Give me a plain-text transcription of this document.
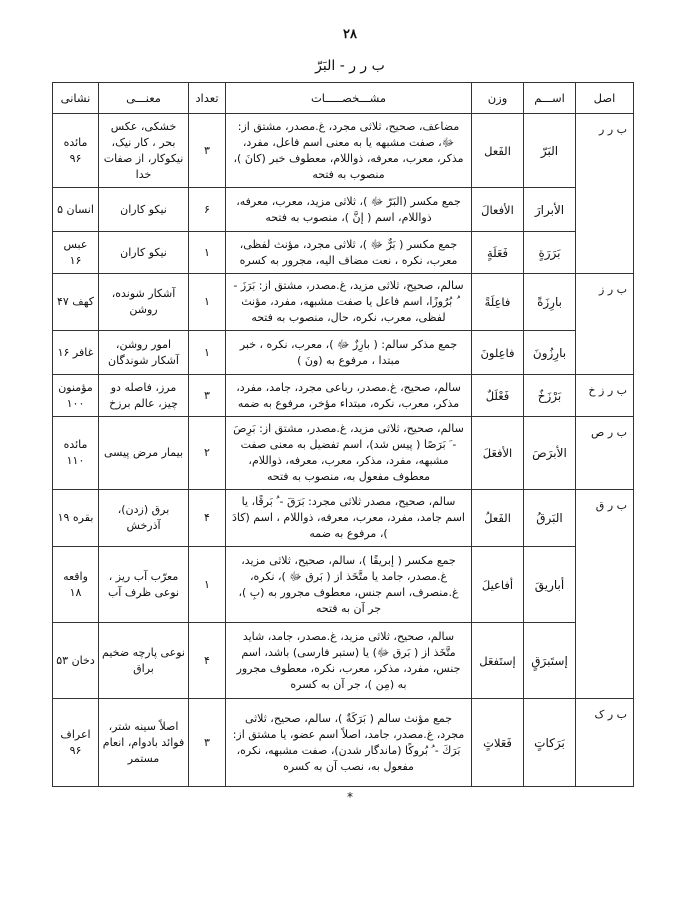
۲۸
ب ر ر - البَرّ
اصل	اســـم	وزن	مشـــخصـــــات	تعداد	معنـــی	نشانی
ب ر ر	البَرّ	الفَعل	مضاعف، صحیح، ثلاثی مجرد، غ.مصدر، مشتق از: ﷻ، صفت مشبهه یا به معنی اسم فاعل، مفرد، مذکر، معرب، معرفه، ذواللام، معطوف خبر (کانَ )، منصوب به فتحه	۳	خشکی، عکس بحر ، کار نیک، نیکوکار، از صفات خدا	مائده ۹۶
	الأبرارَ	الأفعالَ	جمع مکسر (البَرّ ﷻ )، ثلاثی مزید، معرب، معرفه، ذواللام، اسم ( إنَّ )، منصوب به فتحه	۶	نیکو کاران	انسان ۵
	بَرَرَةٍ	فَعَلَةٍ	جمع مکسر ( بَرٌّ ﷻ )، ثلاثی مجرد، مؤنث لفظی، معرب، نکره ، نعت مضاف الیه، مجرور به کسره	۱	نیکو کاران	عبس ۱۶
ب ر ز	بارِزَةً	فاعِلَةً	سالم، صحیح، ثلاثی مزید، غ.مصدر، مشتق از: بَرَزَ - ُ بُرُوزًا، اسم فاعل یا صفت مشبهه، مفرد، مؤنث لفظی، معرب، نکره، حال، منصوب به فتحه	۱	آشکار شونده، روشن	کهف ۴۷
	بارِزُونَ	فاعِلونَ	جمع مذکر سالم: ( بارِزٌ ﷻ )، معرب، نکره ، خبر مبتدا ، مرفوع به (ونَ )	۱	امور روشن، آشکار شوندگان	غافر ۱۶
ب ر ز خ	بَرْزَخٌ	فَعْلَلٌ	سالم، صحیح، غ.مصدر، رباعی مجرد، جامد، مفرد، مذکر، معرب، نکره، مبتداء مؤخر، مرفوع به ضمه	۳	مرز، فاصله دو چیز، عالم برزخ	مؤمنون ۱۰۰
ب ر ص	الأبرَصَ	الأفعَلَ	سالم، صحیح، ثلاثی مزید، غ.مصدر، مشتق از: بَرِصَ - َ بَرَصًا ( پیس شد)، اسم تفضیل به معنی صفت مشبهه، مفرد، مذکر، معرب، معرفه، ذواللام، معطوف مفعول به، منصوب به فتحه	۲	بیمار مرض پیسی	مائده ۱۱۰
ب ر ق	البَرقُ	الفَعلُ	سالم، صحیح، مصدر ثلاثی مجرد: بَرَقَ - ُ بَرقًا، یا اسم جامد، مفرد، معرب، معرفه، ذواللام ، اسم (کادَ )، مرفوع به ضمه	۴	برق (زدن)، آذرخش	بقره ۱۹
	أباريقَ	أفاعيلَ	جمع مکسر ( إبريقًا )، سالم، صحیح، ثلاثی مزید، غ.مصدر، جامد یا متَّخَذ از ( بَرق ﷻ )، نکره، غ.منصرف، اسم جنس، معطوف مجرور به (بِ )، جر آن به فتحه	۱	معرّب آب ریز ، نوعی ظرف آب	واقعه ۱۸
	إستَبرَقٍ	إستَفعَل	سالم، صحیح، ثلاثی مزید، غ.مصدر، جامد، شاید متَّخَذ از ( بَرق ﷻ) یا (ستبر فارسی) باشد، اسم جنس، مفرد، مذکر، معرب، نکره، معطوف مجرور به (مِن )، جر آن به کسره	۴	نوعی پارچه ضخیم براق	دخان ۵۳
ب ر ک	بَرَكاتٍ	فَعَلاتٍ	جمع مؤنث سالم ( بَرَكَةٌ )، سالم، صحیح، ثلاثی مجرد، غ.مصدر، جامد، اصلاً اسم عضو، یا مشتق از: بَرَكَ - ُ بُروكًا (ماندگار شدن)، صفت مشبهه، نکره، مفعول به، نصب آن به کسره	۳	اصلاً سینه شتر، فوائد بادوام، انعام مستمر	اعراف ۹۶
*
